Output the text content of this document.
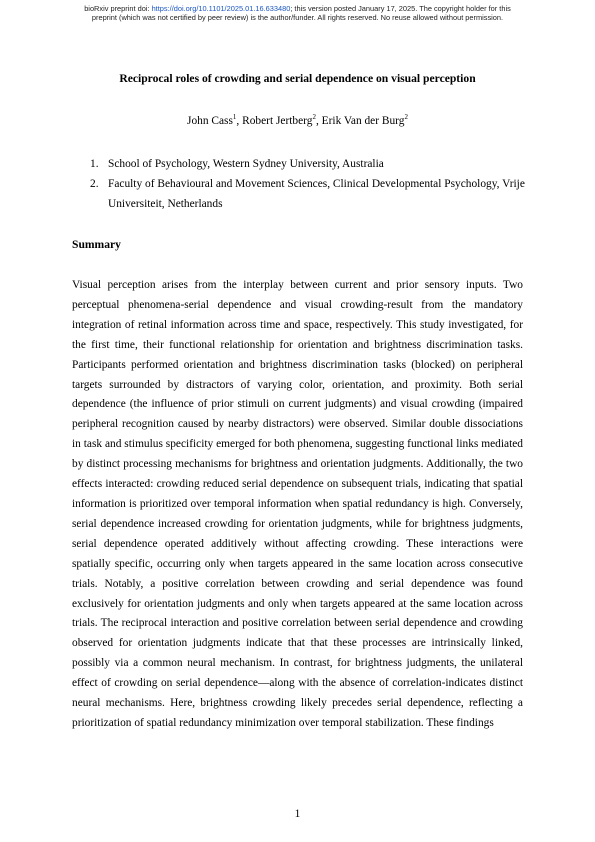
bioRxiv preprint doi: https://doi.org/10.1101/2025.01.16.633480; this version posted January 17, 2025. The copyright holder for this
preprint (which was not certified by peer review) is the author/funder. All rights reserved. No reuse allowed without permission.
Reciprocal roles of crowding and serial dependence on visual perception
John Cass$^1$, Robert Jertberg$^2$, Erik Van der Burg$^2$
1. School of Psychology, Western Sydney University, Australia
2. Faculty of Behavioural and Movement Sciences, Clinical Developmental Psychology, Vrije Universiteit, Netherlands
Summary

Visual perception arises from the interplay between current and prior sensory inputs. Two perceptual phenomena-serial dependence and visual crowding-result from the mandatory integration of retinal information across time and space, respectively. This study investigated, for the first time, their functional relationship for orientation and brightness discrimination tasks. Participants performed orientation and brightness discrimination tasks (blocked) on peripheral targets surrounded by distractors of varying color, orientation, and proximity. Both serial dependence (the influence of prior stimuli on current judgments) and visual crowding (impaired peripheral recognition caused by nearby distractors) were observed. Similar double dissociations in task and stimulus specificity emerged for both phenomena, suggesting functional links mediated by distinct processing mechanisms for brightness and orientation judgments. Additionally, the two effects interacted: crowding reduced serial dependence on subsequent trials, indicating that spatial information is prioritized over temporal information when spatial redundancy is high. Conversely, serial dependence increased crowding for orientation judgments, while for brightness judgments, serial dependence operated additively without affecting crowding. These interactions were spatially specific, occurring only when targets appeared in the same location across consecutive trials. Notably, a positive correlation between crowding and serial dependence was found exclusively for orientation judgments and only when targets appeared at the same location across trials. The reciprocal interaction and positive correlation between serial dependence and crowding observed for orientation judgments indicate that that these processes are intrinsically linked, possibly via a common neural mechanism. In contrast, for brightness judgments, the unilateral effect of crowding on serial dependence—along with the absence of correlation-indicates distinct neural mechanisms. Here, brightness crowding likely precedes serial dependence, reflecting a prioritization of spatial redundancy minimization over temporal stabilization. These findings

1
